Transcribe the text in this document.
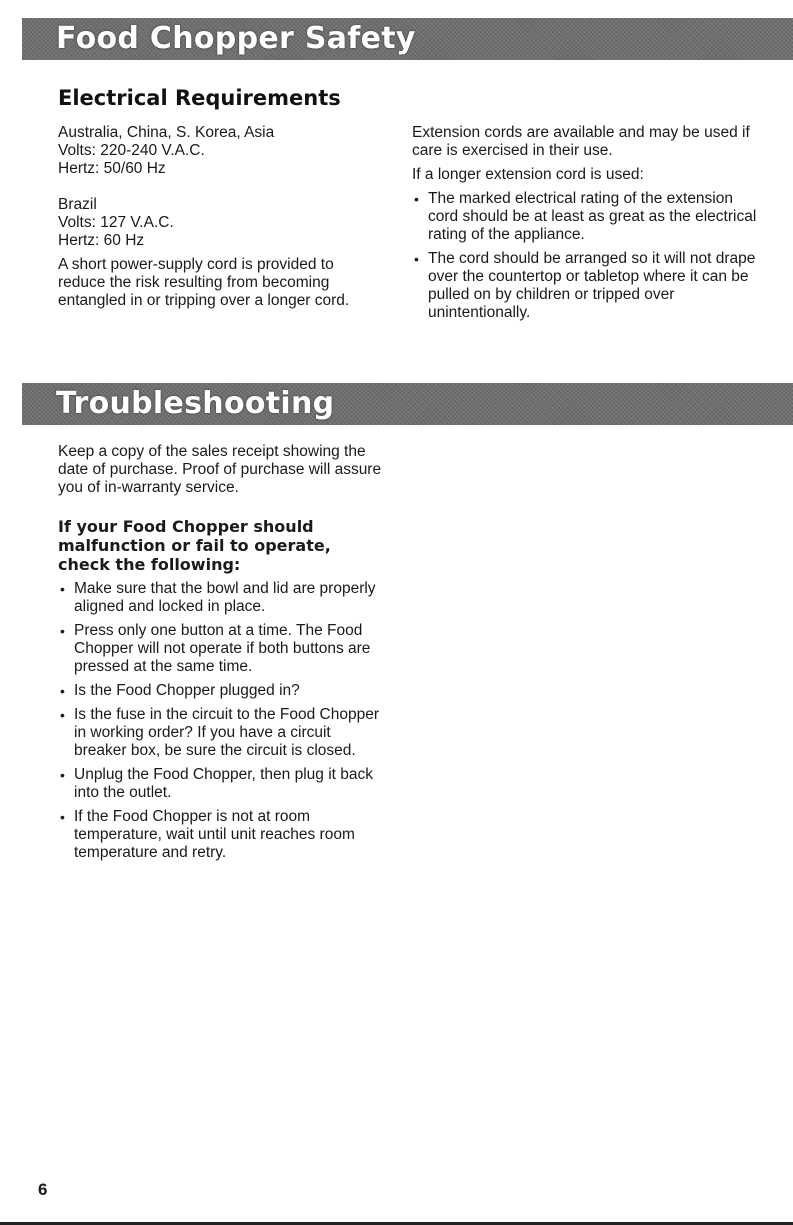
Food Chopper Safety
Electrical Requirements
Australia, China, S. Korea, Asia
Volts: 220-240 V.A.C.
Hertz: 50/60 Hz
Brazil
Volts: 127 V.A.C.
Hertz: 60 Hz

A short power-supply cord is provided to reduce the risk resulting from becoming entangled in or tripping over a longer cord.

Extension cords are available and may be used if care is exercised in their use.

If a longer extension cord is used:

• The marked electrical rating of the extension cord should be at least as great as the electrical rating of the appliance.
• The cord should be arranged so it will not drape over the countertop or tabletop where it can be pulled on by children or tripped over unintentionally.
Troubleshooting

Keep a copy of the sales receipt showing the date of purchase. Proof of purchase will assure you of in-warranty service.

If your Food Chopper should malfunction or fail to operate, check the following:

• Make sure that the bowl and lid are properly aligned and locked in place.
• Press only one button at a time. The Food Chopper will not operate if both buttons are pressed at the same time.
• Is the Food Chopper plugged in?
• Is the fuse in the circuit to the Food Chopper in working order? If you have a circuit breaker box, be sure the circuit is closed.
• Unplug the Food Chopper, then plug it back into the outlet.
• If the Food Chopper is not at room temperature, wait until unit reaches room temperature and retry.
6
